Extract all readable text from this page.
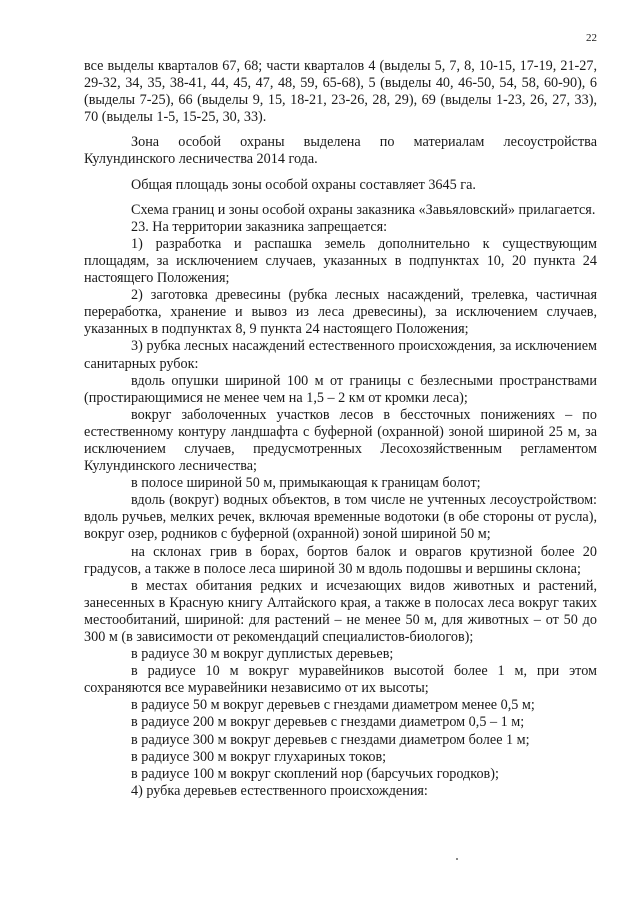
22

все выделы кварталов 67, 68; части кварталов 4 (выделы 5, 7, 8, 10-15, 17-19, 21-27, 29-32, 34, 35, 38-41, 44, 45, 47, 48, 59, 65-68), 5 (выделы 40, 46-50, 54, 58, 60-90), 6 (выделы 7-25), 66 (выделы 9, 15, 18-21, 23-26, 28, 29), 69 (выделы 1-23, 26, 27, 33), 70 (выделы 1-5, 15-25, 30, 33).

Зона особой охраны выделена по материалам лесоустройства Кулундинского лесничества 2014 года.

Общая площадь зоны особой охраны составляет 3645 га.

Схема границ и зоны особой охраны заказника «Завьяловский» прилагается.

23. На территории заказника запрещается:

1) разработка и распашка земель дополнительно к существующим площадям, за исключением случаев, указанных в подпунктах 10, 20 пункта 24 настоящего Положения;

2) заготовка древесины (рубка лесных насаждений, трелевка, частичная переработка, хранение и вывоз из леса древесины), за исключением случаев, указанных в подпунктах 8, 9 пункта 24 настоящего Положения;

3) рубка лесных насаждений естественного происхождения, за исключением санитарных рубок:

вдоль опушки шириной 100 м от границы с безлесными пространствами (простирающимися не менее чем на 1,5 – 2 км от кромки леса);

вокруг заболоченных участков лесов в бессточных понижениях – по естественному контуру ландшафта с буферной (охранной) зоной шириной 25 м, за исключением случаев, предусмотренных Лесохозяйственным регламентом Кулундинского лесничества;

в полосе шириной 50 м, примыкающая к границам болот;

вдоль (вокруг) водных объектов, в том числе не учтенных лесоустройством: вдоль ручьев, мелких речек, включая временные водотоки (в обе стороны от русла), вокруг озер, родников с буферной (охранной) зоной шириной 50 м;

на склонах грив в борах, бортов балок и оврагов крутизной более 20 градусов, а также в полосе леса шириной 30 м вдоль подошвы и вершины склона;

в местах обитания редких и исчезающих видов животных и растений, занесенных в Красную книгу Алтайского края, а также в полосах леса вокруг таких местообитаний, шириной: для растений – не менее 50 м, для животных – от 50 до 300 м (в зависимости от рекомендаций специалистов-биологов);

в радиусе 30 м вокруг дуплистых деревьев;

в радиусе 10 м вокруг муравейников высотой более 1 м, при этом сохраняются все муравейники независимо от их высоты;

в радиусе 50 м вокруг деревьев с гнездами диаметром менее 0,5 м;

в радиусе 200 м вокруг деревьев с гнездами диаметром 0,5 – 1 м;

в радиусе 300 м вокруг деревьев с гнездами диаметром более 1 м;

в радиусе 300 м вокруг глухариных токов;

в радиусе 100 м вокруг скоплений нор (барсучьих городков);

4) рубка деревьев естественного происхождения:
